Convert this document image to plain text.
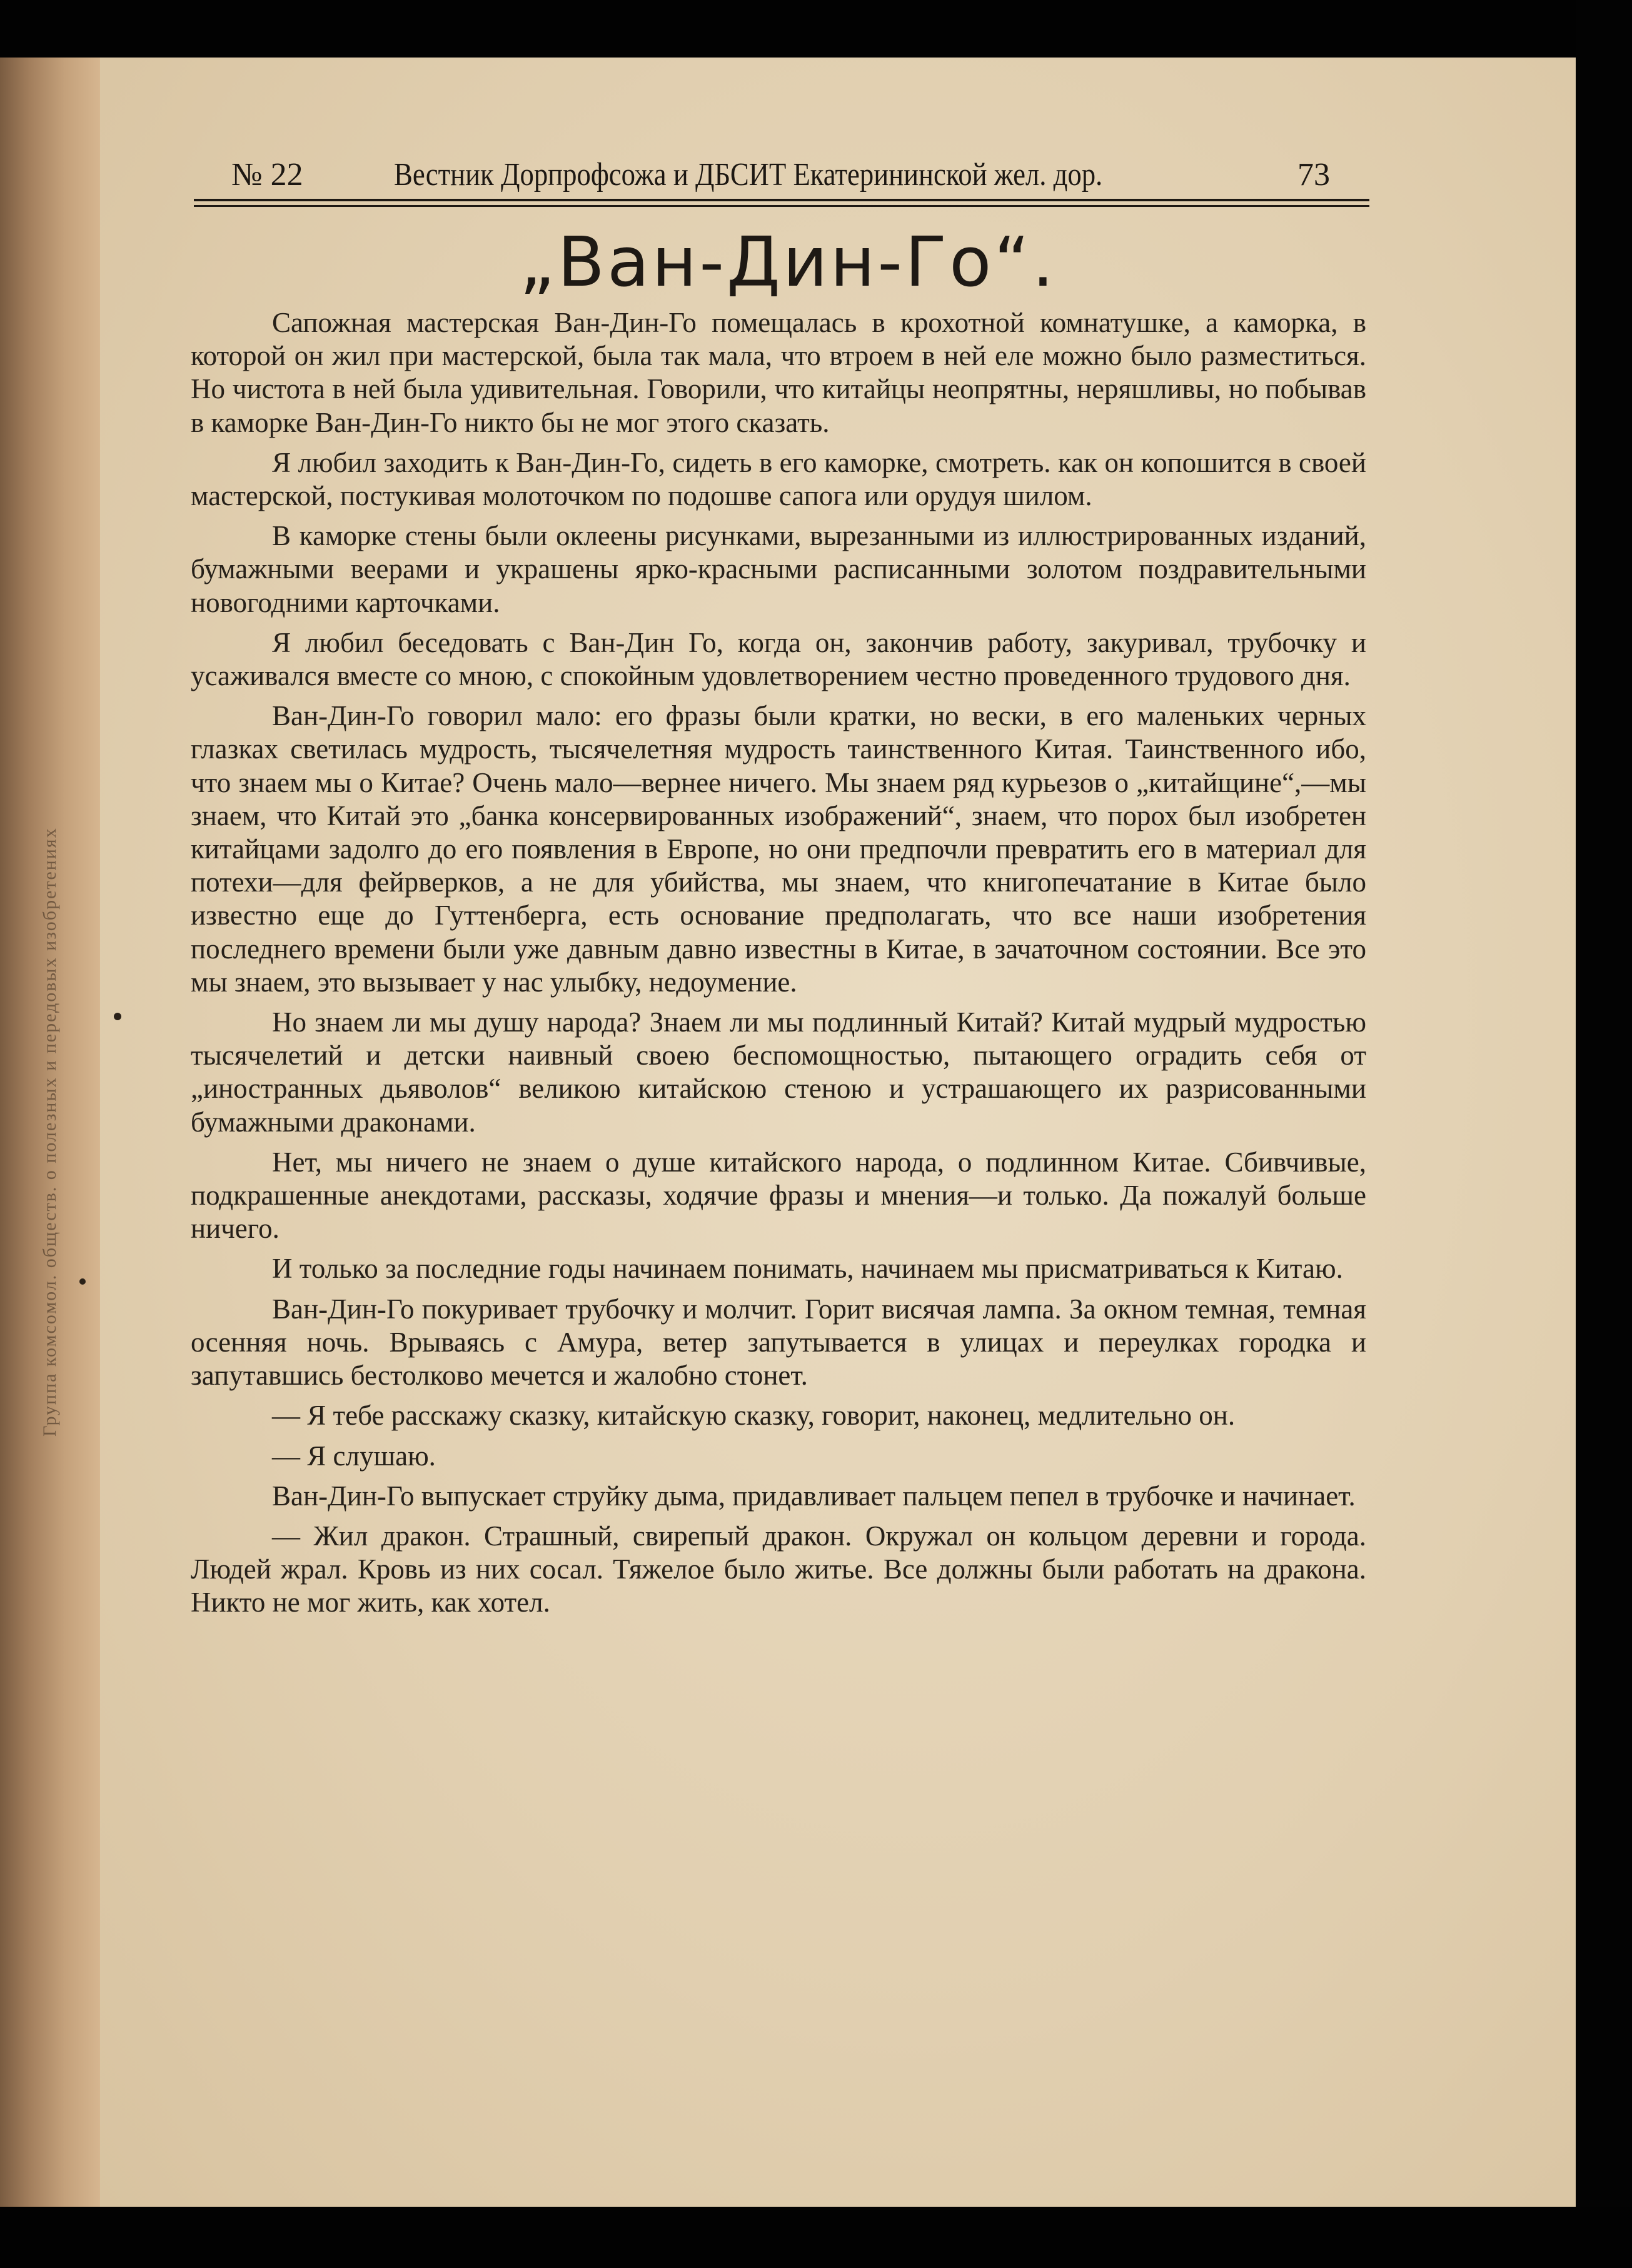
Группа комсомол. обществ. о полезных и передовых изобретениях
№ 22	Вестник Дорпрофсожа и ДБСИТ Екатерининской жел. дор.	73
„Ван-Дин-Го“.

Сапожная мастерская Ван-Дин-Го помещалась в крохотной комнатушке, а каморка, в которой он жил при мастерской, была так мала, что втроем в ней еле можно было разместиться. Но чистота в ней была удивительная. Говорили, что китайцы неопрятны, неряшливы, но побывав в каморке Ван-Дин-Го никто бы не мог этого сказать.

Я любил заходить к Ван-Дин-Го, сидеть в его каморке, смотреть. как он копошится в своей мастерской, постукивая молоточком по подошве сапога или орудуя шилом.

В каморке стены были оклеены рисунками, вырезанными из иллюстрированных изданий, бумажными веерами и украшены ярко-красными расписанными золотом поздравительными новогодними карточками.

Я любил беседовать с Ван-Дин Го, когда он, закончив работу, закуривал, трубочку и усаживался вместе со мною, с спокойным удовлетворением честно проведенного трудового дня.

Ван-Дин-Го говорил мало: его фразы были кратки, но вески, в его маленьких черных глазках светилась мудрость, тысячелетняя мудрость таинственного Китая. Таинственного ибо, что знаем мы о Китае? Очень мало—вернее ничего. Мы знаем ряд курьезов о „китайщине“,—мы знаем, что Китай это „банка консервированных изображений“, знаем, что порох был изобретен китайцами задолго до его появления в Европе, но они предпочли превратить его в материал для потехи—для фейрверков, а не для убийства, мы знаем, что книгопечатание в Китае было известно еще до Гуттенберга, есть основание предполагать, что все наши изобретения последнего времени были уже давным давно известны в Китае, в зачаточном состоянии. Все это мы знаем, это вызывает у нас улыбку, недоумение.

Но знаем ли мы душу народа? Знаем ли мы подлинный Китай? Китай мудрый мудростью тысячелетий и детски наивный своею беспомощностью, пытающего оградить себя от „иностранных дьяволов“ великою китайскою стеною и устрашающего их разрисованными бумажными драконами.

Нет, мы ничего не знаем о душе китайского народа, о подлинном Китае. Сбивчивые, подкрашенные анекдотами, рассказы, ходячие фразы и мнения—и только. Да пожалуй больше ничего.

И только за последние годы начинаем понимать, начинаем мы присматриваться к Китаю.

Ван-Дин-Го покуривает трубочку и молчит. Горит висячая лампа. За окном темная, темная осенняя ночь. Врываясь с Амура, ветер запутывается в улицах и переулках городка и запутавшись бестолково мечется и жалобно стонет.

— Я тебе расскажу сказку, китайскую сказку, говорит, наконец, медлительно он.

— Я слушаю.

Ван-Дин-Го выпускает струйку дыма, придавливает пальцем пепел в трубочке и начинает.

— Жил дракон. Страшный, свирепый дракон. Окружал он кольцом деревни и города. Людей жрал. Кровь из них сосал. Тяжелое было житье. Все должны были работать на дракона. Никто не мог жить, как хотел.
